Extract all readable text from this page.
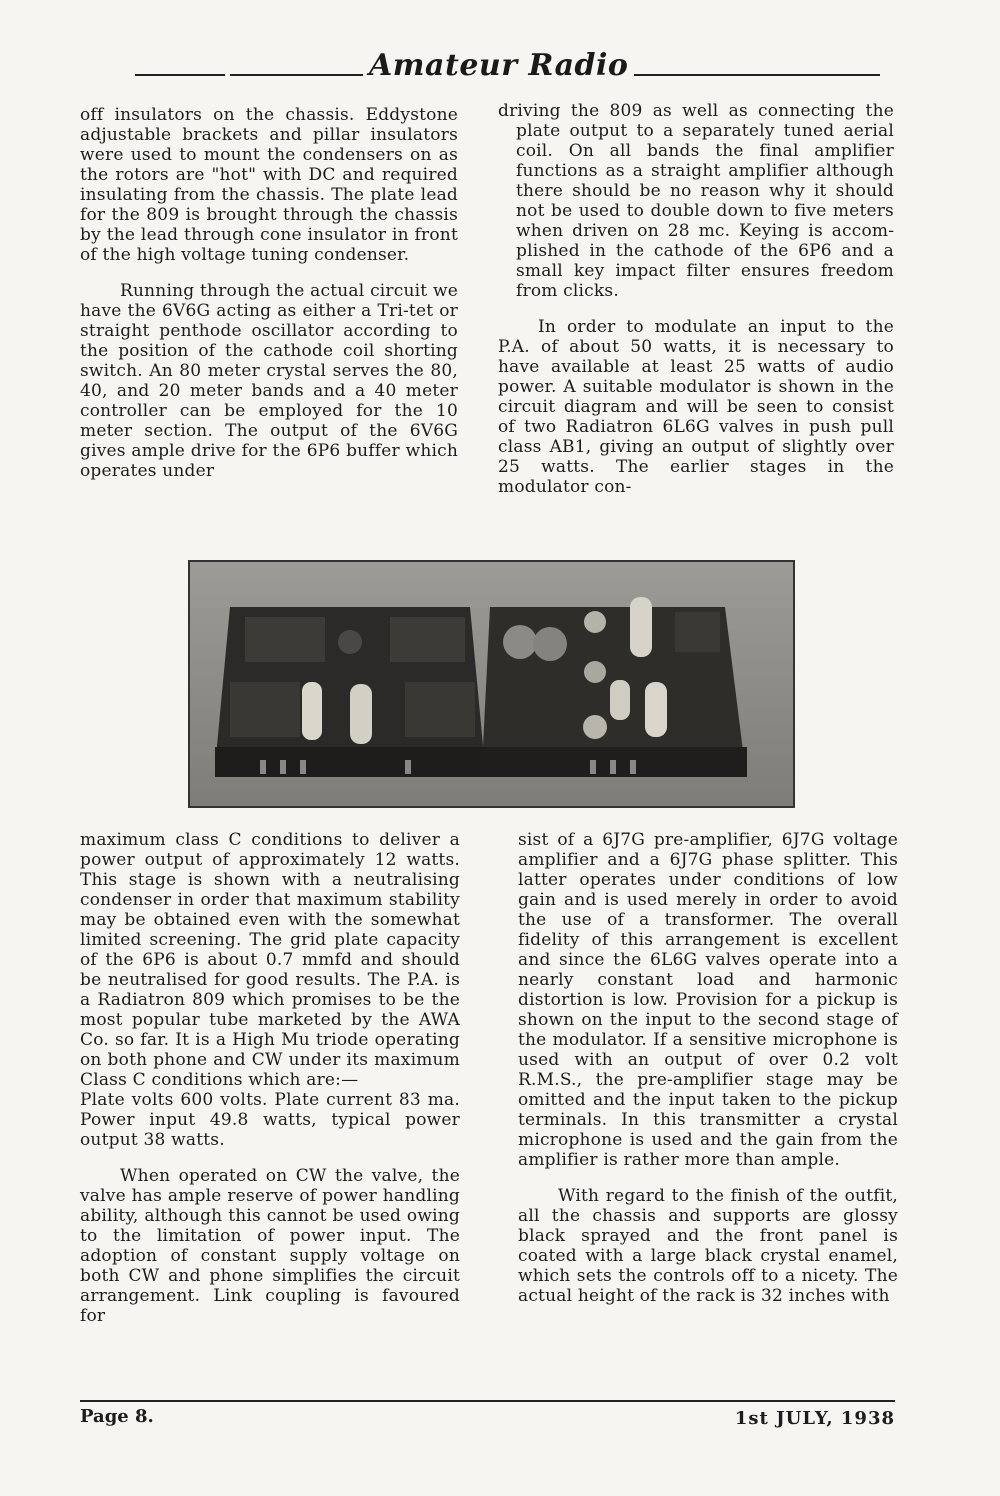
Amateur Radio

off insulators on the chassis. Eddystone adjustable brackets and pillar insulators were used to mount the condensers on as the rotors are "hot" with DC and required insulating from the chassis. The plate lead for the 809 is brought through the chassis by the lead through cone insulator in front of the high voltage tuning condenser.

Running through the actual circuit we have the 6V6G acting as either a Tri-tet or straight penthode oscillator according to the position of the cathode coil shorting switch. An 80 meter crystal serves the 80, 40, and 20 meter bands and a 40 meter controller can be employed for the 10 meter section. The output of the 6V6G gives ample drive for the 6P6 buffer which operates under

driving the 809 as well as connecting the plate output to a separately tuned aerial coil. On all bands the final amplifier functions as a straight amplifier although there should be no reason why it should not be used to double down to five meters when driven on 28 mc. Keying is accomplished in the cathode of the 6P6 and a small key impact filter ensures freedom from clicks.

In order to modulate an input to the P.A. of about 50 watts, it is necessary to have available at least 25 watts of audio power. A suitable modulator is shown in the circuit diagram and will be seen to consist of two Radiatron 6L6G valves in push pull class AB1, giving an output of slightly over 25 watts. The earlier stages in the modulator con-

maximum class C conditions to deliver a power output of approximately 12 watts. This stage is shown with a neutralising condenser in order that maximum stability may be obtained even with the somewhat limited screening. The grid plate capacity of the 6P6 is about 0.7 mmfd and should be neutralised for good results. The P.A. is a Radiatron 809 which promises to be the most popular tube marketed by the AWA Co. so far. It is a High Mu triode operating on both phone and CW under its maximum Class C conditions which are:—

Plate volts 600 volts. Plate current 83 ma. Power input 49.8 watts, typical power output 38 watts.

When operated on CW the valve, the valve has ample reserve of power handling ability, although this cannot be used owing to the limitation of power input. The adoption of constant supply voltage on both CW and phone simplifies the circuit arrangement. Link coupling is favoured for

sist of a 6J7G pre-amplifier, 6J7G voltage amplifier and a 6J7G phase splitter. This latter operates under conditions of low gain and is used merely in order to avoid the use of a transformer. The overall fidelity of this arrangement is excellent and since the 6L6G valves operate into a nearly constant load and harmonic distortion is low. Provision for a pickup is shown on the input to the second stage of the modulator. If a sensitive microphone is used with an output of over 0.2 volt R.M.S., the pre-amplifier stage may be omitted and the input taken to the pickup terminals. In this transmitter a crystal microphone is used and the gain from the amplifier is rather more than ample.

With regard to the finish of the outfit, all the chassis and supports are glossy black sprayed and the front panel is coated with a large black crystal enamel, which sets the controls off to a nicety. The actual height of the rack is 32 inches with

Page 8.	1st JULY, 1938
